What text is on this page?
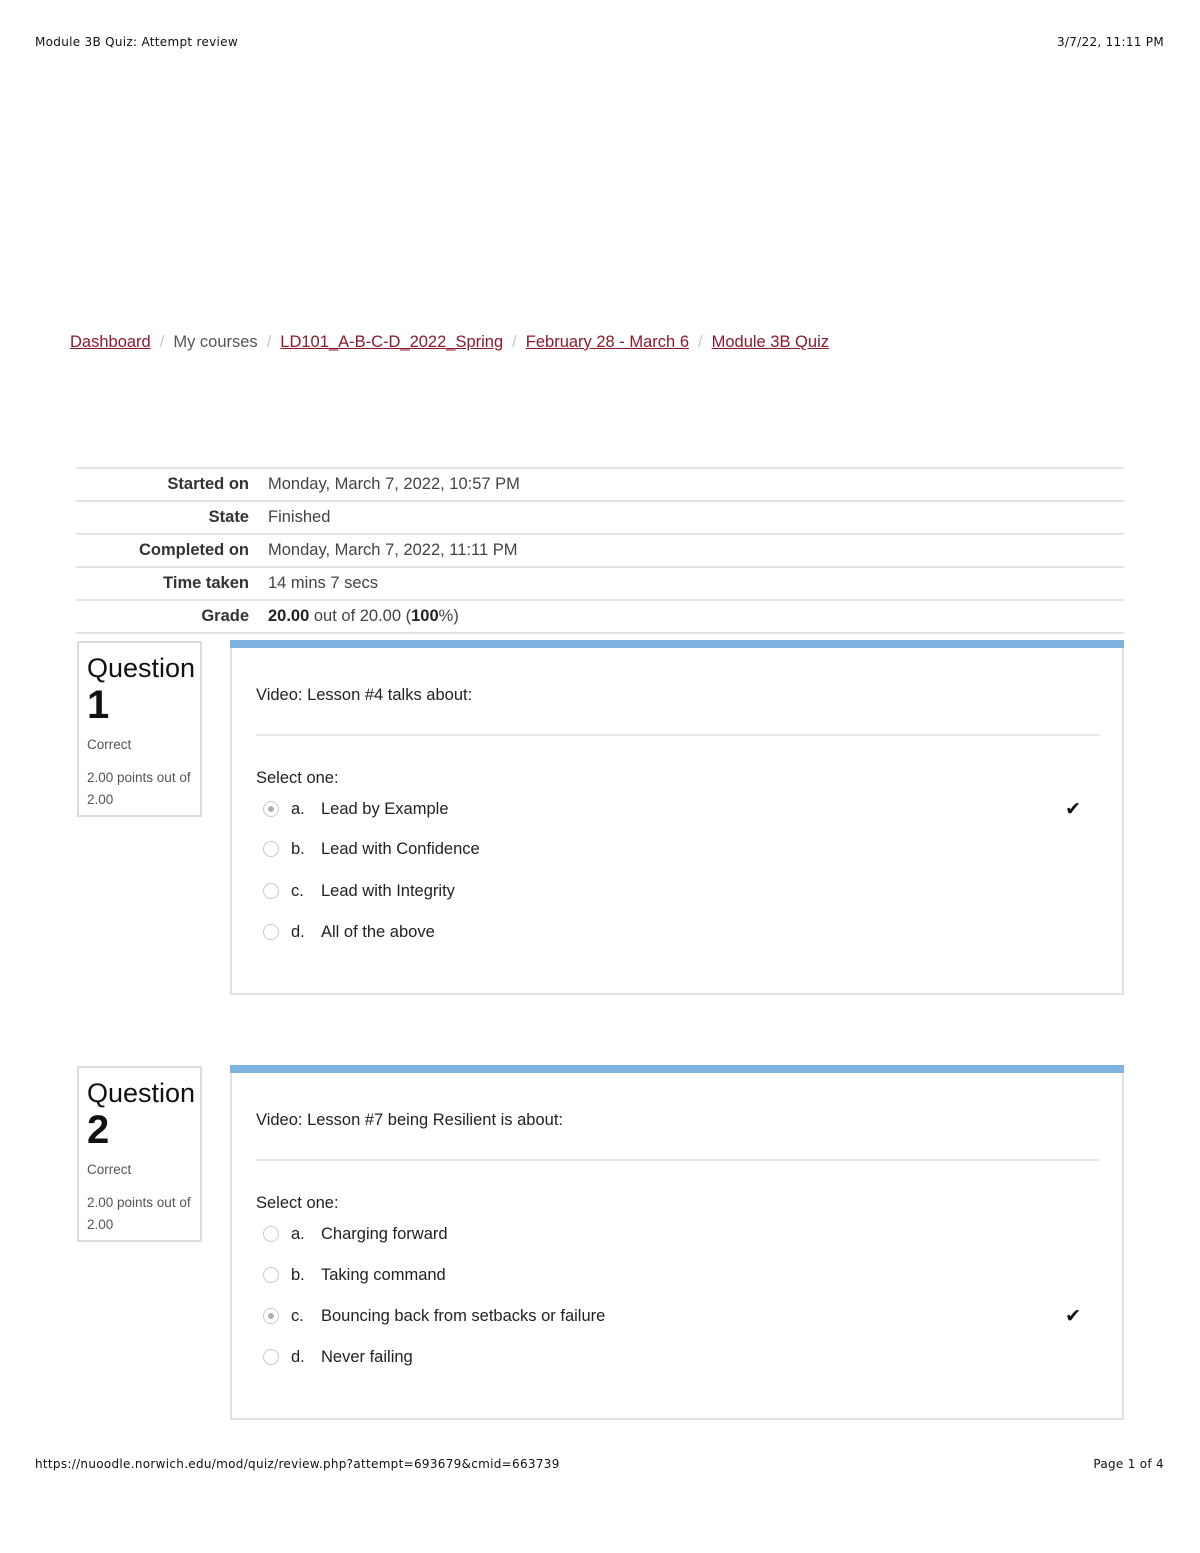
Module 3B Quiz: Attempt review	3/7/22, 11:11 PM
Dashboard / My courses / LD101_A-B-C-D_2022_Spring / February 28 - March 6 / Module 3B Quiz
Started on	Monday, March 7, 2022, 10:57 PM
State	Finished
Completed on	Monday, March 7, 2022, 11:11 PM
Time taken	14 mins 7 secs
Grade	20.00 out of 20.00 (100%)
Question
1
Correct
2.00 points out of 2.00
Video: Lesson #4 talks about:
Select one:
a. Lead by Example	✔
b. Lead with Confidence
c.	Lead with Integrity
d. All of the above
Question
2
Correct
2.00 points out of 2.00
Video: Lesson #7 being Resilient is about:
Select one:
a. Charging forward
b. Taking command
c.	Bouncing back from setbacks or failure	✔
d. Never failing
https://nuoodle.norwich.edu/mod/quiz/review.php?attempt=693679&cmid=663739	Page 1 of 4
